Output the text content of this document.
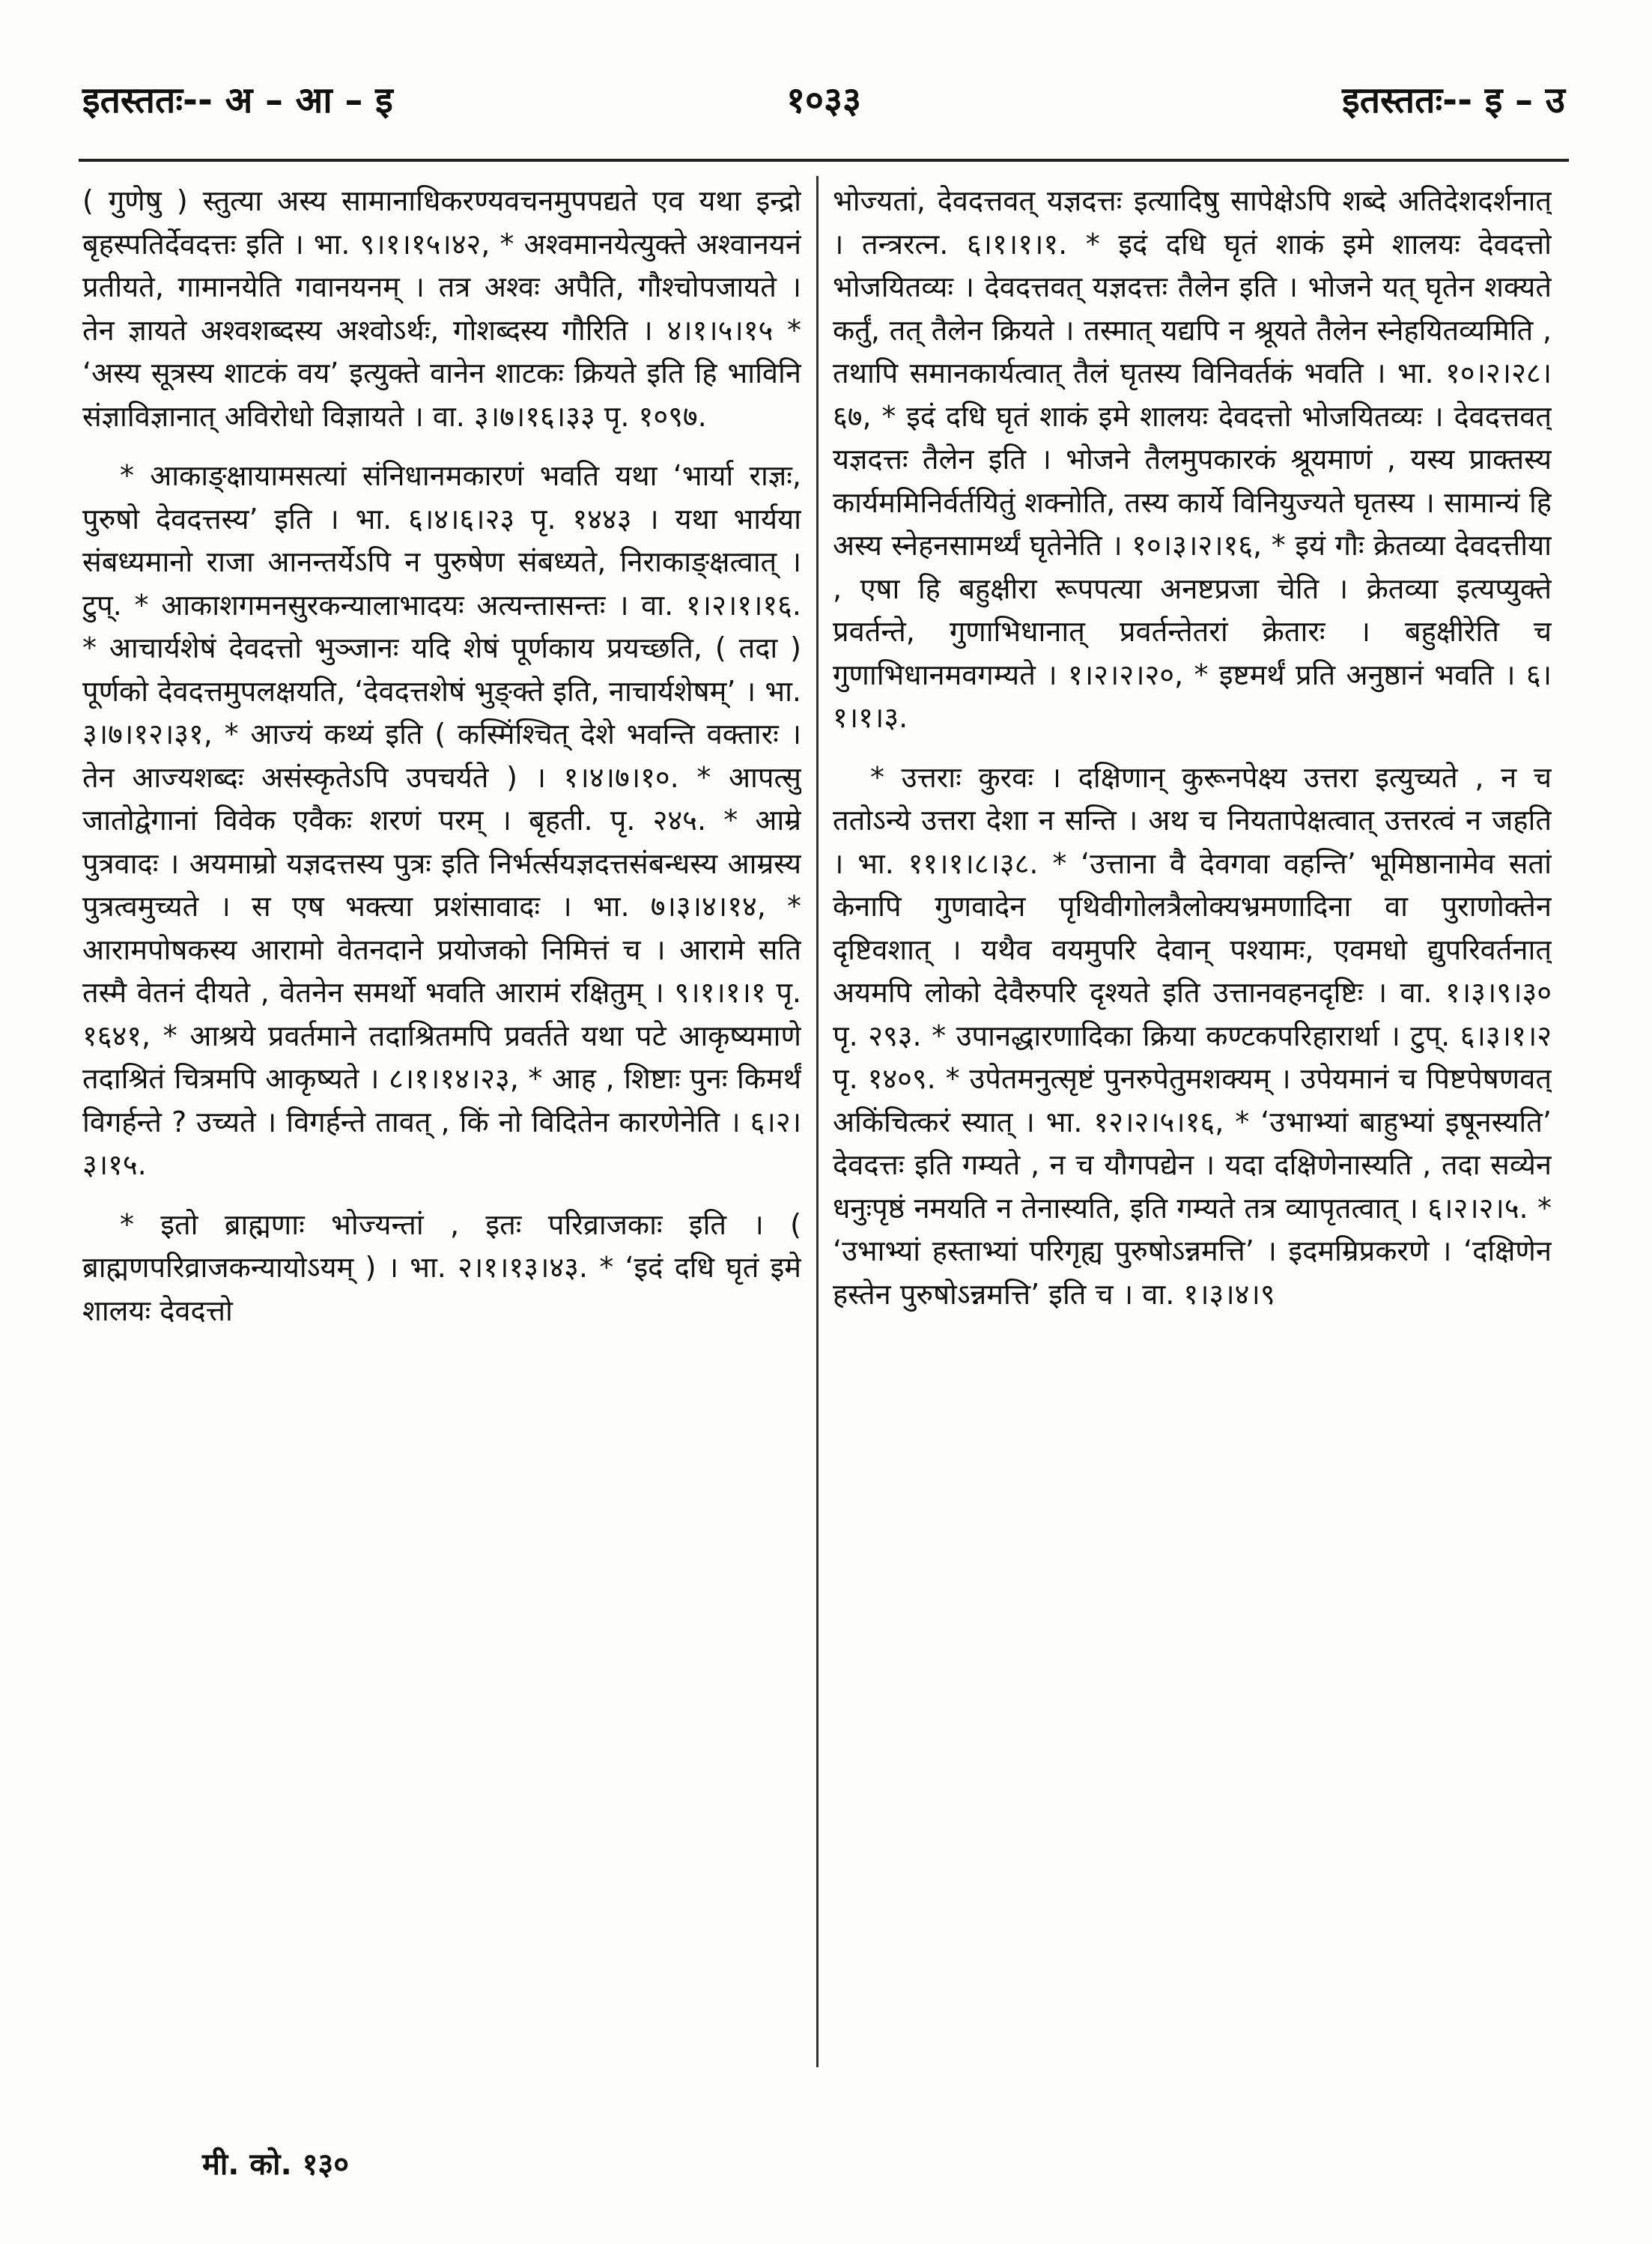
इतस्ततः-- अ – आ – इ	१०३३	इतस्ततः-- इ – उ

( गुणेषु ) स्तुत्या अस्य सामानाधिकरण्यवचनमुपपद्यते एव यथा इन्द्रो बृहस्पतिर्देवदत्तः इति । भा. ९।१।१५।४२, * अश्वमानयेत्युक्ते अश्वानयनं प्रतीयते, गामानयेति गवानयनम् । तत्र अश्वः अपैति, गौश्चोपजायते । तेन ज्ञायते अश्वशब्दस्य अश्वोऽर्थः, गोशब्दस्य गौरिति । ४।१।५।१५ * ‘अस्य सूत्रस्य शाटकं वय’ इत्युक्ते वानेन शाटकः क्रियते इति हि भाविनि संज्ञाविज्ञानात् अविरोधो विज्ञायते । वा. ३।७।१६।३३ पृ. १०९७.

* आकाङ्क्षायामसत्यां संनिधानमकारणं भवति यथा ‘भार्या राज्ञः, पुरुषो देवदत्तस्य’ इति । भा. ६।४।६।२३ पृ. १४४३ । यथा भार्यया संबध्यमानो राजा आनन्तर्येऽपि न पुरुषेण संबध्यते, निराकाङ्क्षत्वात् । टुप्. * आकाशगमनसुरकन्यालाभादयः अत्यन्तासन्तः । वा. १।२।१।१६. * आचार्यशेषं देवदत्तो भुञ्जानः यदि शेषं पूर्णकाय प्रयच्छति, ( तदा ) पूर्णको देवदत्तमुपलक्षयति, ‘देवदत्तशेषं भुङ्क्ते इति, नाचार्यशेषम्’ । भा. ३।७।१२।३१, * आज्यं कथ्यं इति ( कस्मिंश्चित् देशे भवन्ति वक्तारः । तेन आज्यशब्दः असंस्कृतेऽपि उपचर्यते ) । १।४।७।१०. * आपत्सु जातोद्वेगानां विवेक एवैकः शरणं परम् । बृहती. पृ. २४५. * आम्रे पुत्रवादः । अयमाम्रो यज्ञदत्तस्य पुत्रः इति निर्भर्त्सयज्ञदत्तसंबन्धस्य आम्रस्य पुत्रत्वमुच्यते । स एष भक्त्या प्रशंसावादः । भा. ७।३।४।१४, * आरामपोषकस्य आरामो वेतनदाने प्रयोजको निमित्तं च । आरामे सति तस्मै वेतनं दीयते , वेतनेन समर्थो भवति आरामं रक्षितुम् । ९।१।१।१ पृ. १६४१, * आश्रये प्रवर्तमाने तदाश्रितमपि प्रवर्तते यथा पटे आकृष्यमाणे तदाश्रितं चित्रमपि आकृष्यते । ८।१।१४।२३, * आह , शिष्टाः पुनः किमर्थं विगर्हन्ते ? उच्यते । विगर्हन्ते तावत् , किं नो विदितेन कारणेनेति । ६।२।३।१५.

* इतो ब्राह्मणाः भोज्यन्तां , इतः परिव्राजकाः इति । ( ब्राह्मणपरिव्राजकन्यायोऽयम् ) । भा. २।१।१३।४३. * ‘इदं दधि घृतं इमे शालयः देवदत्तो

भोज्यतां, देवदत्तवत् यज्ञदत्तः इत्यादिषु सापेक्षेऽपि शब्दे अतिदेशदर्शनात् । तन्त्ररत्न. ६।१।१।१. * इदं दधि घृतं शाकं इमे शालयः देवदत्तो भोजयितव्यः । देवदत्तवत् यज्ञदत्तः तैलेन इति । भोजने यत् घृतेन शक्यते कर्तुं, तत् तैलेन क्रियते । तस्मात् यद्यपि न श्रूयते तैलेन स्नेहयितव्यमिति , तथापि समानकार्यत्वात् तैलं घृतस्य विनिवर्तकं भवति । भा. १०।२।२८।६७, * इदं दधि घृतं शाकं इमे शालयः देवदत्तो भोजयितव्यः । देवदत्तवत् यज्ञदत्तः तैलेन इति । भोजने तैलमुपकारकं श्रूयमाणं , यस्य प्राक्तस्य कार्यममिनिर्वर्तयितुं शक्नोति, तस्य कार्ये विनियुज्यते घृतस्य । सामान्यं हि अस्य स्नेहनसामर्थ्यं घृतेनेति । १०।३।२।१६, * इयं गौः क्रेतव्या देवदत्तीया , एषा हि बहुक्षीरा रूपपत्या अनष्टप्रजा चेति । क्रेतव्या इत्यप्युक्ते प्रवर्तन्ते, गुणाभिधानात् प्रवर्तन्तेतरां क्रेतारः । बहुक्षीरेति च गुणाभिधानमवगम्यते । १।२।२।२०, * इष्टमर्थं प्रति अनुष्ठानं भवति । ६।१।१।३.

* उत्तराः कुरवः । दक्षिणान् कुरूनपेक्ष्य उत्तरा इत्युच्यते , न च ततोऽन्ये उत्तरा देशा न सन्ति । अथ च नियतापेक्षत्वात् उत्तरत्वं न जहति । भा. ११।१।८।३८. * ‘उत्ताना वै देवगवा वहन्ति’ भूमिष्ठानामेव सतां केनापि गुणवादेन पृथिवीगोलत्रैलोक्यभ्रमणादिना वा पुराणोक्तेन दृष्टिवशात् । यथैव वयमुपरि देवान् पश्यामः, एवमधो द्युपरिवर्तनात् अयमपि लोको देवैरुपरि दृश्यते इति उत्तानवहनदृष्टिः । वा. १।३।९।३० पृ. २९३. * उपानद्धारणादिका क्रिया कण्टकपरिहारार्था । टुप्. ६।३।१।२ पृ. १४०९. * उपेतमनुत्सृष्टं पुनरुपेतुमशक्यम् । उपेयमानं च पिष्टपेषणवत् अकिंचित्करं स्यात् । भा. १२।२।५।१६, * ‘उभाभ्यां बाहुभ्यां इषूनस्यति’ देवदत्तः इति गम्यते , न च यौगपद्येन । यदा दक्षिणेनास्यति , तदा सव्येन धनुःपृष्ठं नमयति न तेनास्यति, इति गम्यते तत्र व्यापृतत्वात् । ६।२।२।५. * ‘उभाभ्यां हस्ताभ्यां परिगृह्य पुरुषोऽन्नमत्ति’ । इदमम्रिप्रकरणे । ‘दक्षिणेन हस्तेन पुरुषोऽन्नमत्ति’ इति च । वा. १।३।४।९

मी. को. १३०
